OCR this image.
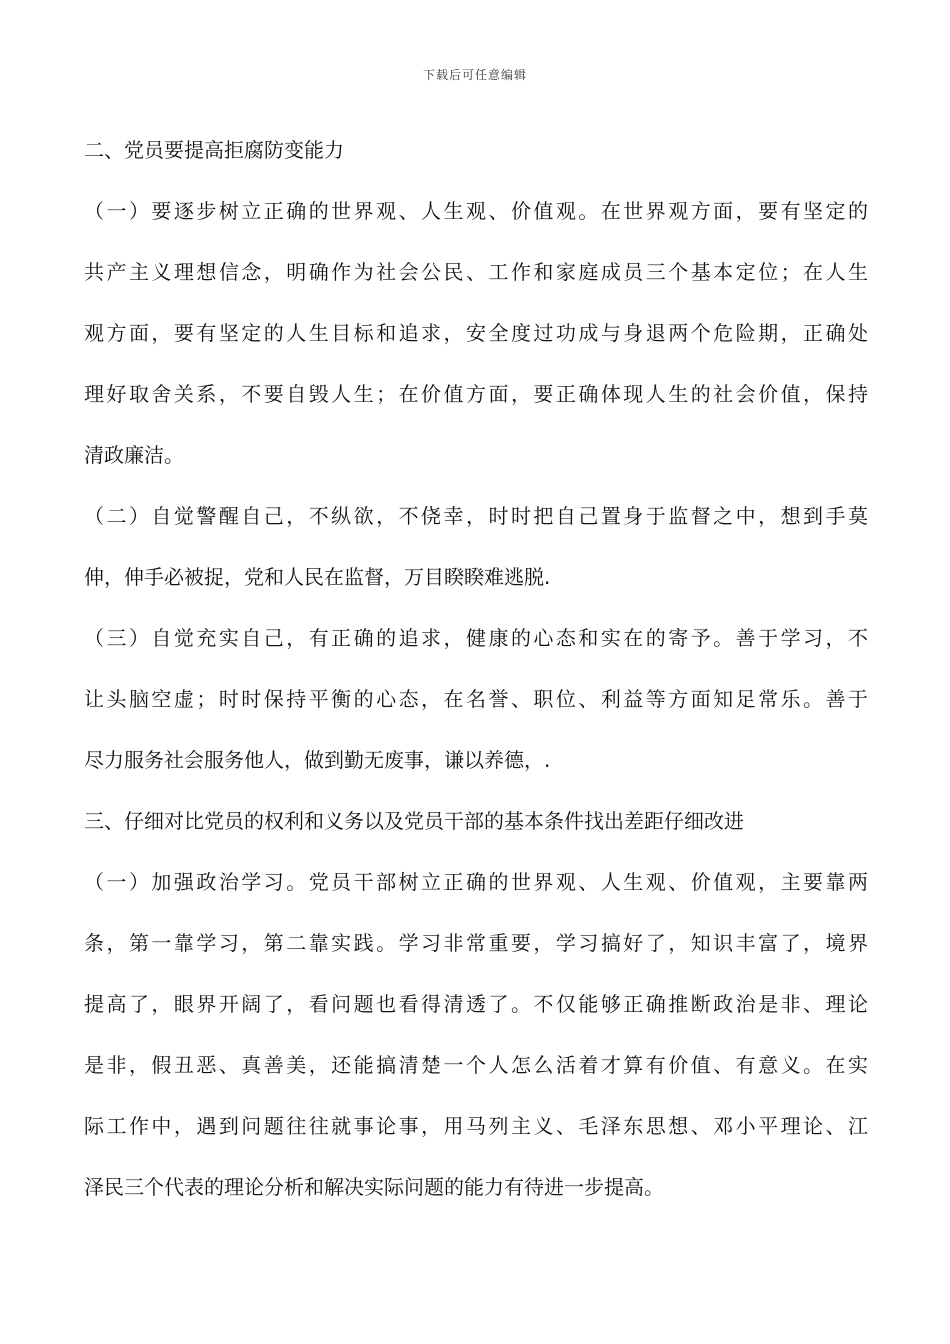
下载后可任意编辑
二、党员要提高拒腐防变能力
（一）要逐步树立正确的世界观、人生观、价值观。在世界观方面，要有坚定的
共产主义理想信念，明确作为社会公民、工作和家庭成员三个基本定位；在人生
观方面，要有坚定的人生目标和追求，安全度过功成与身退两个危险期，正确处
理好取舍关系，不要自毁人生；在价值方面，要正确体现人生的社会价值，保持
清政廉洁。
（二）自觉警醒自己，不纵欲，不侥幸，时时把自己置身于监督之中，想到手莫
伸，伸手必被捉，党和人民在监督，万目睽睽难逃脱.
（三）自觉充实自己，有正确的追求，健康的心态和实在的寄予。善于学习，不
让头脑空虚；时时保持平衡的心态，在名誉、职位、利益等方面知足常乐。善于
尽力服务社会服务他人，做到勤无废事，谦以养德，.
三、仔细对比党员的权利和义务以及党员干部的基本条件找出差距仔细改进
（一）加强政治学习。党员干部树立正确的世界观、人生观、价值观，主要靠两
条，第一靠学习，第二靠实践。学习非常重要，学习搞好了，知识丰富了，境界
提高了，眼界开阔了，看问题也看得清透了。不仅能够正确推断政治是非、理论
是非，假丑恶、真善美，还能搞清楚一个人怎么活着才算有价值、有意义。在实
际工作中，遇到问题往往就事论事，用马列主义、毛泽东思想、邓小平理论、江
泽民三个代表的理论分析和解决实际问题的能力有待进一步提高。
